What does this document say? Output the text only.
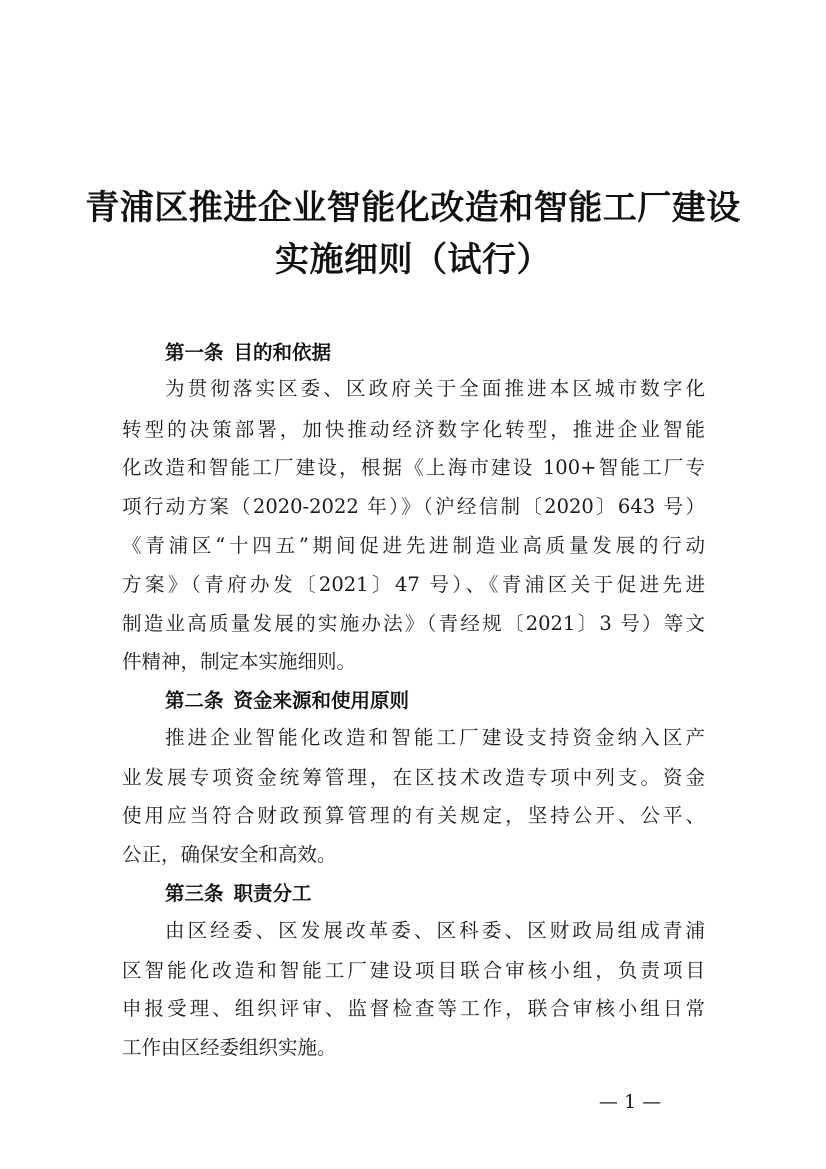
青浦区推进企业智能化改造和智能工厂建设
实施细则（试行）
第一条 目的和依据

为贯彻落实区委、区政府关于全面推进本区城市数字化

转型的决策部署，加快推动经济数字化转型，推进企业智能

化改造和智能工厂建设，根据《上海市建设 100+智能工厂专

项行动方案（2020-2022 年）》（沪经信制〔2020〕643 号）

《青浦区“十四五”期间促进先进制造业高质量发展的行动

方案》（青府办发〔2021〕47 号）、《青浦区关于促进先进

制造业高质量发展的实施办法》（青经规〔2021〕3 号）等文

件精神，制定本实施细则。

第二条 资金来源和使用原则

推进企业智能化改造和智能工厂建设支持资金纳入区产

业发展专项资金统筹管理，在区技术改造专项中列支。资金

使用应当符合财政预算管理的有关规定，坚持公开、公平、

公正，确保安全和高效。

第三条 职责分工

由区经委、区发展改革委、区科委、区财政局组成青浦

区智能化改造和智能工厂建设项目联合审核小组，负责项目

申报受理、组织评审、监督检查等工作，联合审核小组日常

工作由区经委组织实施。

— 1 —
